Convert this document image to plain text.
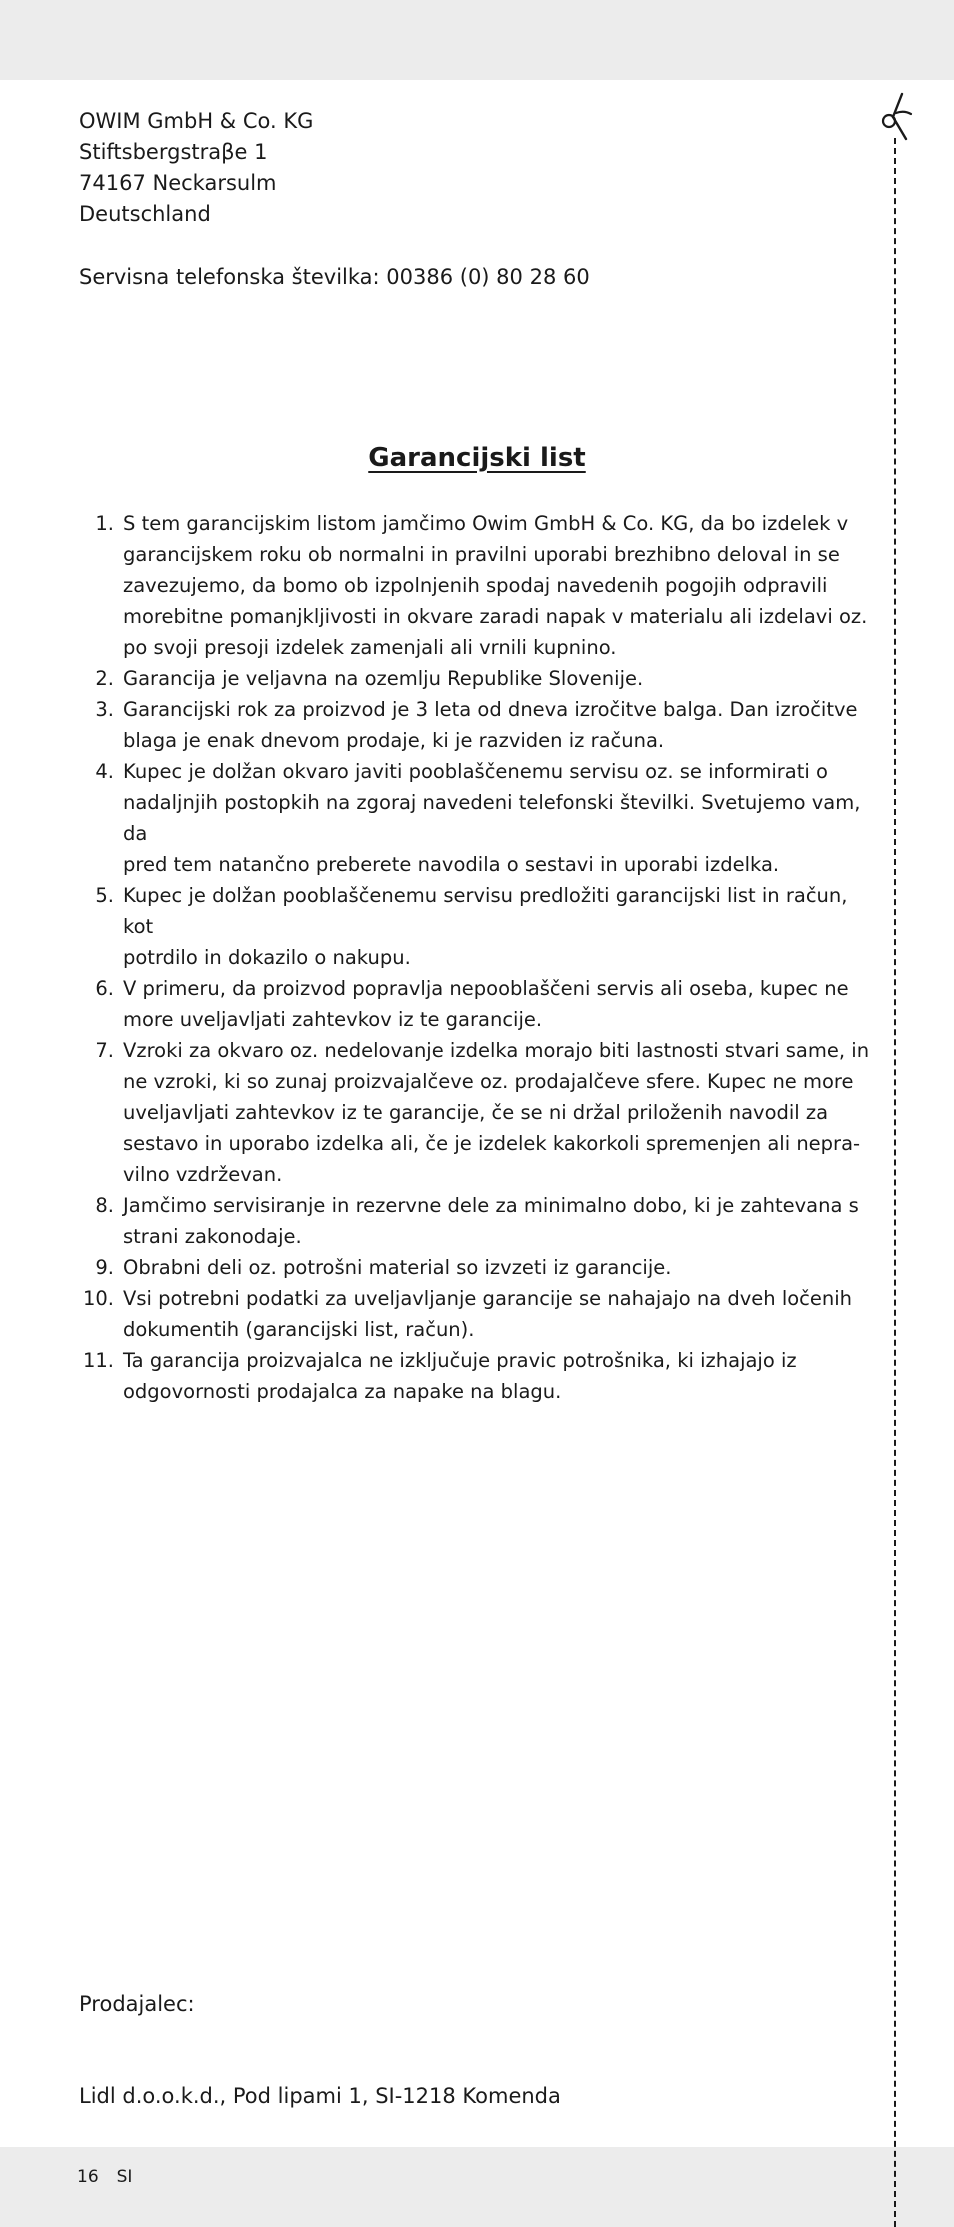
OWIM GmbH & Co. KG
Stiftsbergstraβe 1
74167 Neckarsulm
Deutschland
Servisna telefonska številka: 00386 (0) 80 28 60
Garancijski list
1. S tem garancijskim listom jamčimo Owim GmbH & Co. KG, da bo izdelek v
garancijskem roku ob normalni in pravilni uporabi brezhibno deloval in se
zavezujemo, da bomo ob izpolnjenih spodaj navedenih pogojih odpravili
morebitne pomanjkljivosti in okvare zaradi napak v materialu ali izdelavi oz.
po svoji presoji izdelek zamenjali ali vrnili kupnino.
2. Garancija je veljavna na ozemlju Republike Slovenije.
3. Garancijski rok za proizvod je 3 leta od dneva izročitve balga. Dan izročitve
blaga je enak dnevom prodaje, ki je razviden iz računa.
4. Kupec je dolžan okvaro javiti pooblaščenemu servisu oz. se informirati o
nadaljnjih postopkih na zgoraj navedeni telefonski številki. Svetujemo vam, da
pred tem natančno preberete navodila o sestavi in uporabi izdelka.
5. Kupec je dolžan pooblaščenemu servisu predložiti garancijski list in račun, kot
potrdilo in dokazilo o nakupu.
6. V primeru, da proizvod popravlja nepooblaščeni servis ali oseba, kupec ne
more uveljavljati zahtevkov iz te garancije.
7. Vzroki za okvaro oz. nedelovanje izdelka morajo biti lastnosti stvari same, in
ne vzroki, ki so zunaj proizvajalčeve oz. prodajalčeve sfere. Kupec ne more
uveljavljati zahtevkov iz te garancije, če se ni držal priloženih navodil za
sestavo in uporabo izdelka ali, če je izdelek kakorkoli spremenjen ali nepra-
vilno vzdrževan.
8. Jamčimo servisiranje in rezervne dele za minimalno dobo, ki je zahtevana s
strani zakonodaje.
9. Obrabni deli oz. potrošni material so izvzeti iz garancije.
10. Vsi potrebni podatki za uveljavljanje garancije se nahajajo na dveh ločenih
dokumentih (garancijski list, račun).
11. Ta garancija proizvajalca ne izključuje pravic potrošnika, ki izhajajo iz
odgovornosti prodajalca za napake na blagu.
Prodajalec:
Lidl d.o.o.k.d., Pod lipami 1, SI-1218 Komenda
16 SI
